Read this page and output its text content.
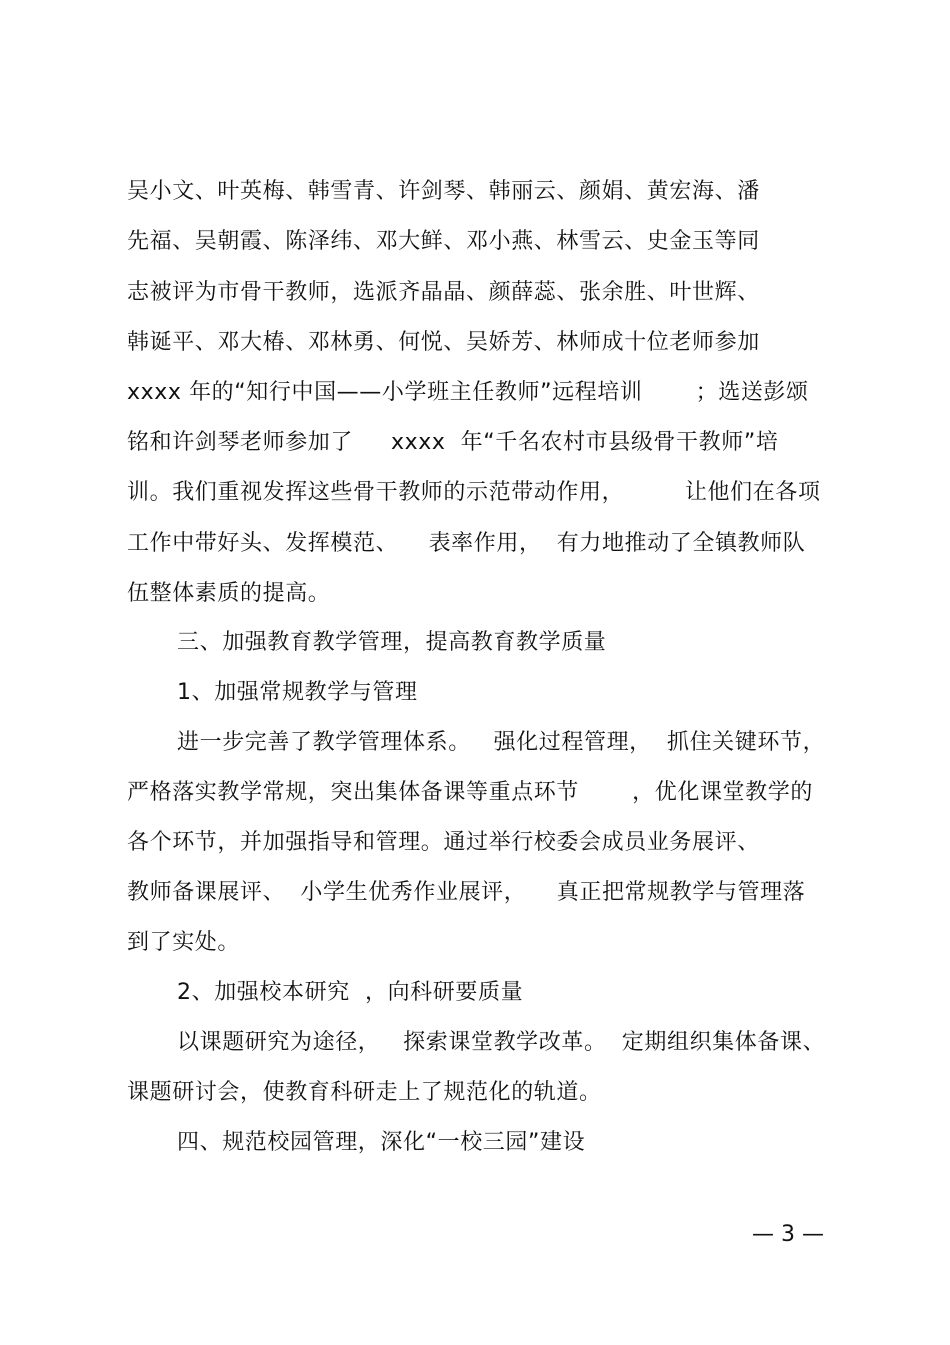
吴小文、叶英梅、韩雪青、许剑琴、韩丽云、颜娟、黄宏海、潘
先福、吴朝霞、陈泽纬、邓大鲜、邓小燕、林雪云、史金玉等同
志被评为市骨干教师，选派齐晶晶、颜薛蕊、张余胜、叶世辉、
韩诞平、邓大椿、邓林勇、何悦、吴娇芳、林师成十位老师参加
xxxx 年的“知行中国——小学班主任教师”远程培训       ；选送彭颂
铭和许剑琴老师参加了     xxxx  年“千名农村市县级骨干教师”培
训。我们重视发挥这些骨干教师的示范带动作用，        让他们在各项
工作中带好头、发挥模范、    表率作用，  有力地推动了全镇教师队
伍整体素质的提高。
三、加强教育教学管理，提高教育教学质量
1、加强常规教学与管理
进一步完善了教学管理体系。   强化过程管理，  抓住关键环节，
严格落实教学常规，突出集体备课等重点环节       ，优化课堂教学的
各个环节，并加强指导和管理。通过举行校委会成员业务展评、
教师备课展评、  小学生优秀作业展评，    真正把常规教学与管理落
到了实处。
2、加强校本研究  ，向科研要质量
以课题研究为途径，   探索课堂教学改革。  定期组织集体备课、
课题研讨会，使教育科研走上了规范化的轨道。
四、规范校园管理，深化“一校三园”建设
— 3 —
